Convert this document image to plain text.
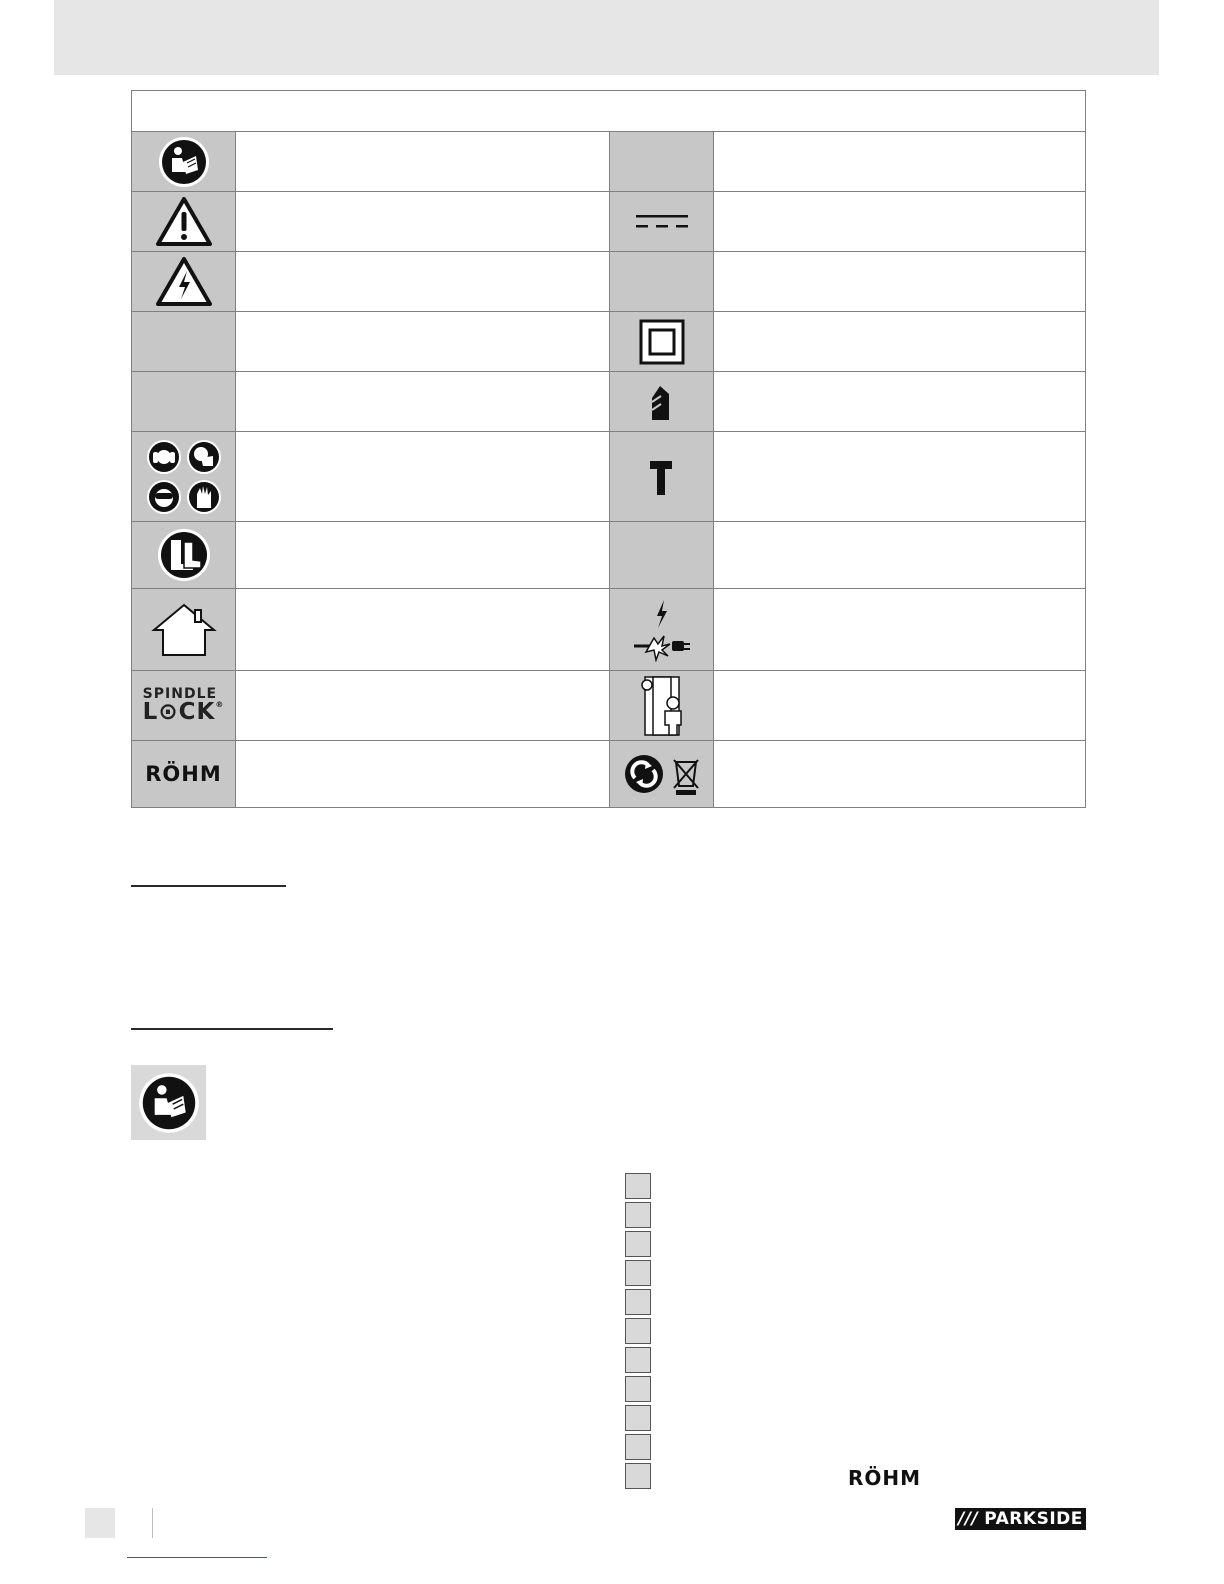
SPINDLE
L⊙CK®
RÖHM
RÖHM
/// PARKSIDE
